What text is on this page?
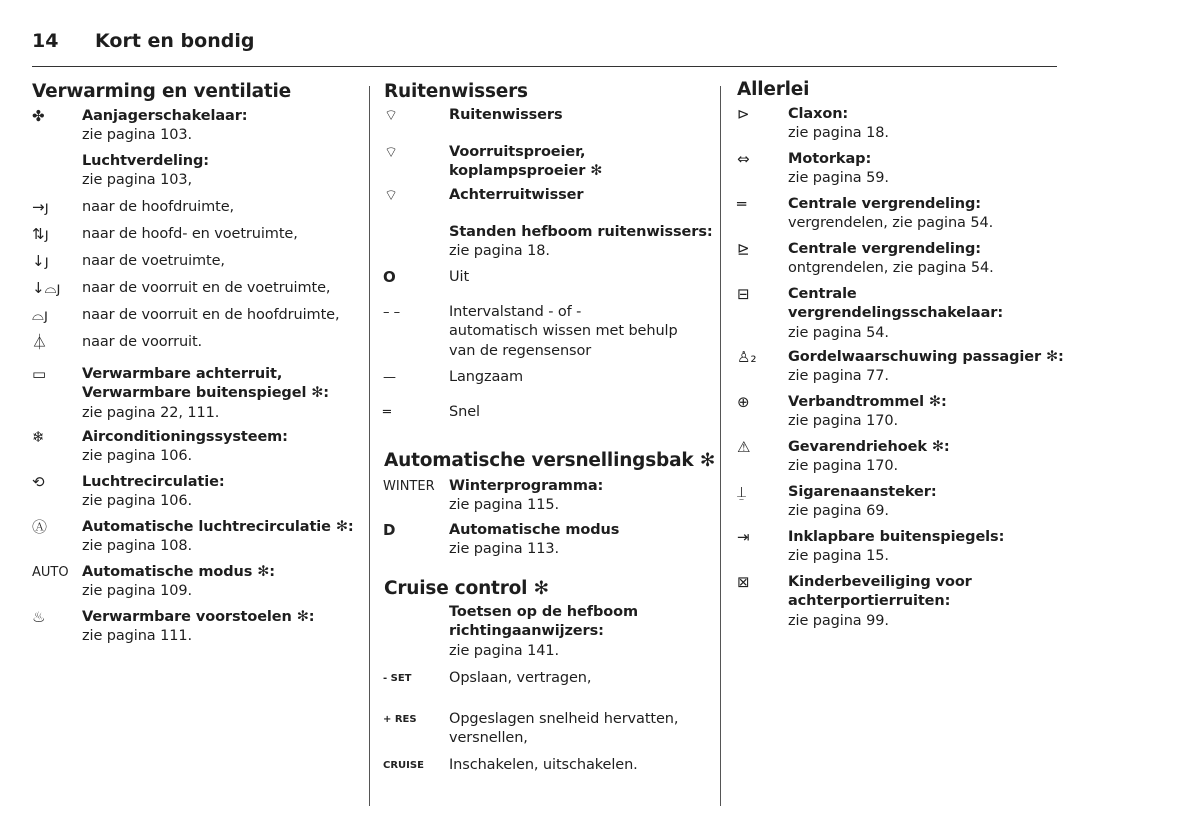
14 Kort en bondig
Verwarming en ventilatie
✤	Aanjagerschakelaar:
zie pagina 103.
Luchtverdeling:
zie pagina 103,
→ȷ naar de hoofdruimte,
⇅ȷ naar de hoofd- en voetruimte,
↓ȷ naar de voetruimte,
↓⌓ȷ naar de voorruit en de voetruimte,
⌓ȷ naar de voorruit en de hoofdruimte,
⏃ naar de voorruit.
▭ Verwarmbare achterruit,
Verwarmbare buitenspiegel ✻:
zie pagina 22, 111.
❄	Airconditioningssysteem:
zie pagina 106.
⟲	Luchtrecirculatie:
zie pagina 106.
Ⓐ Automatische luchtrecirculatie ✻:
zie pagina 108.
AUTO Automatische modus ✻:
zie pagina 109.
♨	Verwarmbare voorstoelen ✻:
zie pagina 111.
Ruitenwissers
⌔	Ruitenwissers
⌔	Voorruitsproeier,
koplampsproeier ✻
⌔	Achterruitwisser
Standen hefboom ruitenwissers:
zie pagina 18.
O	Uit
– –	Intervalstand - of -
automatisch wissen met behulp
van de regensensor
—	Langzaam
═	Snel
Automatische versnellingsbak ✻
WINTER Winterprogramma:
zie pagina 115.
D	Automatische modus
zie pagina 113.
Cruise control ✻
Toetsen op de hefboom
richtingaanwijzers:
zie pagina 141.
- SET	Opslaan, vertragen,
+ RES Opgeslagen snelheid hervatten,
versnellen,
CRUISE Inschakelen, uitschakelen.
Allerlei
⊳	Claxon:
zie pagina 18.
⇔	Motorkap:
zie pagina 59.
═	Centrale vergrendeling:
vergrendelen, zie pagina 54.
⊵	Centrale vergrendeling:
ontgrendelen, zie pagina 54.
⊟	Centrale
vergrendelingsschakelaar:
zie pagina 54.
♙₂ Gordelwaarschuwing passagier ✻:
zie pagina 77.
⊕	Verbandtrommel ✻:
zie pagina 170.
⚠	Gevarendriehoek ✻:
zie pagina 170.
⍊	Sigarenaansteker:
zie pagina 69.
⇥	Inklapbare buitenspiegels:
zie pagina 15.
⊠	Kinderbeveiliging voor
achterportierruiten:
zie pagina 99.
